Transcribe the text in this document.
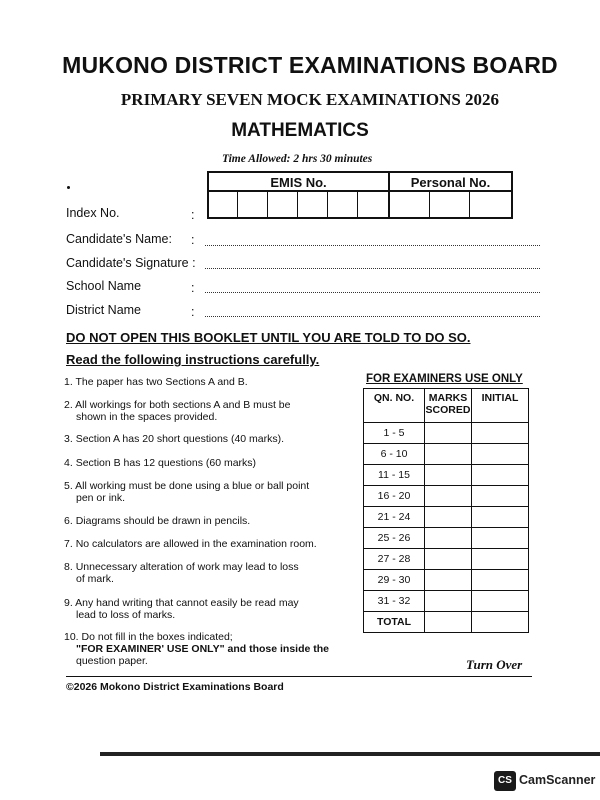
MUKONO DISTRICT EXAMINATIONS BOARD
PRIMARY SEVEN MOCK EXAMINATIONS 2026
MATHEMATICS
Time Allowed: 2 hrs 30 minutes
EMIS No.	Personal No.
Index No.	:
Candidate's Name: :
Candidate's Signature :
School Name	:
District Name	:
DO NOT OPEN THIS BOOKLET UNTIL YOU ARE TOLD TO DO SO.
Read the following instructions carefully.
1. The paper has two Sections A and B.
2. All workings for both sections A and B must be
shown in the spaces provided.
3. Section A has 20 short questions (40 marks).
4. Section B has 12 questions (60 marks)
5. All working must be done using a blue or ball point
pen or ink.
6. Diagrams should be drawn in pencils.
7. No calculators are allowed in the examination room.
8. Unnecessary alteration of work may lead to loss
of mark.
9. Any hand writing that cannot easily be read may
lead to loss of marks.
10. Do not fill in the boxes indicated;
"FOR EXAMINER' USE ONLY" and those inside the
question paper.
FOR EXAMINERS USE ONLY
QN. NO.	MARKS SCORED	INITIAL
1 - 5		
6 - 10		
11 - 15		
16 - 20		
21 - 24		
25 - 26		
27 - 28		
29 - 30		
31 - 32		
TOTAL		
Turn Over
©2026 Mokono District Examinations Board
CS CamScanner
